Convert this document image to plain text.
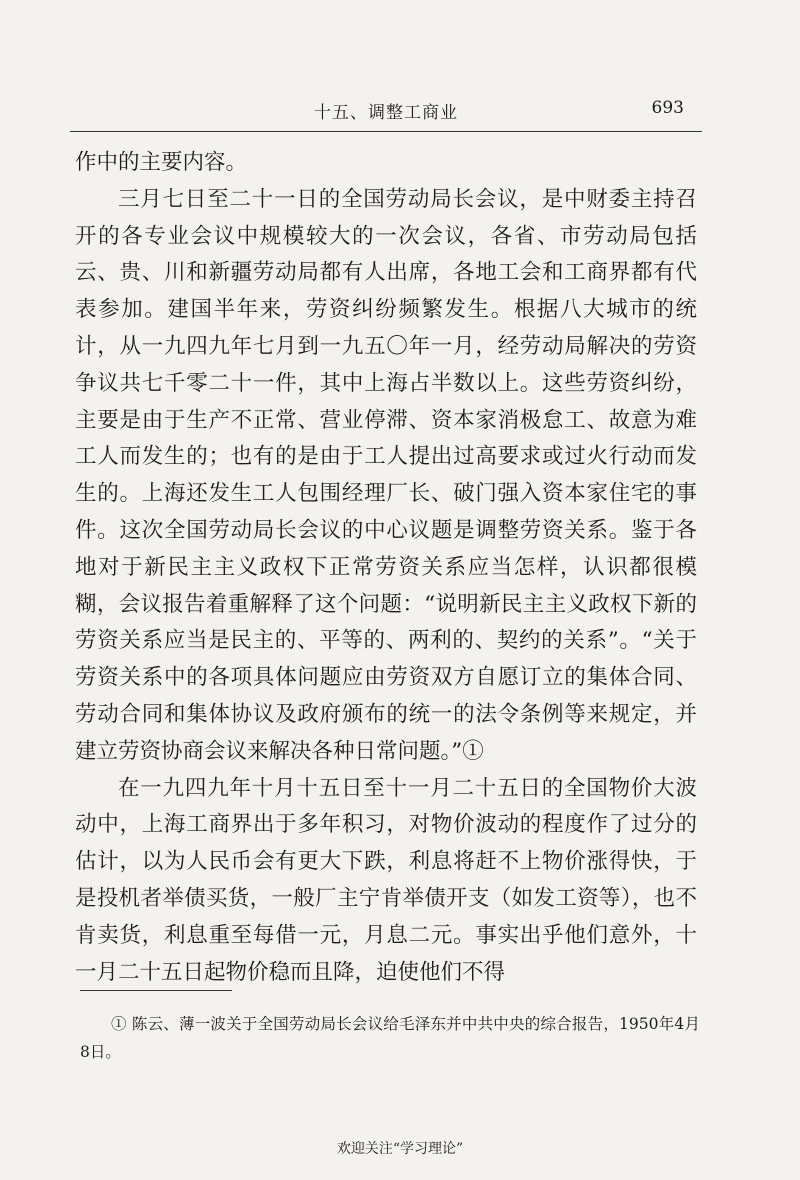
十五、调整工商业	693

作中的主要内容。

三月七日至二十一日的全国劳动局长会议，是中财委主持召开的各专业会议中规模较大的一次会议，各省、市劳动局包括云、贵、川和新疆劳动局都有人出席，各地工会和工商界都有代表参加。建国半年来，劳资纠纷频繁发生。根据八大城市的统计，从一九四九年七月到一九五〇年一月，经劳动局解决的劳资争议共七千零二十一件，其中上海占半数以上。这些劳资纠纷，主要是由于生产不正常、营业停滞、资本家消极怠工、故意为难工人而发生的；也有的是由于工人提出过高要求或过火行动而发生的。上海还发生工人包围经理厂长、破门强入资本家住宅的事件。这次全国劳动局长会议的中心议题是调整劳资关系。鉴于各地对于新民主主义政权下正常劳资关系应当怎样，认识都很模糊，会议报告着重解释了这个问题：“说明新民主主义政权下新的劳资关系应当是民主的、平等的、两利的、契约的关系”。“关于劳资关系中的各项具体问题应由劳资双方自愿订立的集体合同、劳动合同和集体协议及政府颁布的统一的法令条例等来规定，并建立劳资协商会议来解决各种日常问题。”①

在一九四九年十月十五日至十一月二十五日的全国物价大波动中，上海工商界出于多年积习，对物价波动的程度作了过分的估计，以为人民币会有更大下跌，利息将赶不上物价涨得快，于是投机者举债买货，一般厂主宁肯举债开支（如发工资等），也不肯卖货，利息重至每借一元，月息二元。事实出乎他们意外，十一月二十五日起物价稳而且降，迫使他们不得

① 陈云、薄一波关于全国劳动局长会议给毛泽东并中共中央的综合报告，1950年4月8日。

欢迎关注“学习理论”
